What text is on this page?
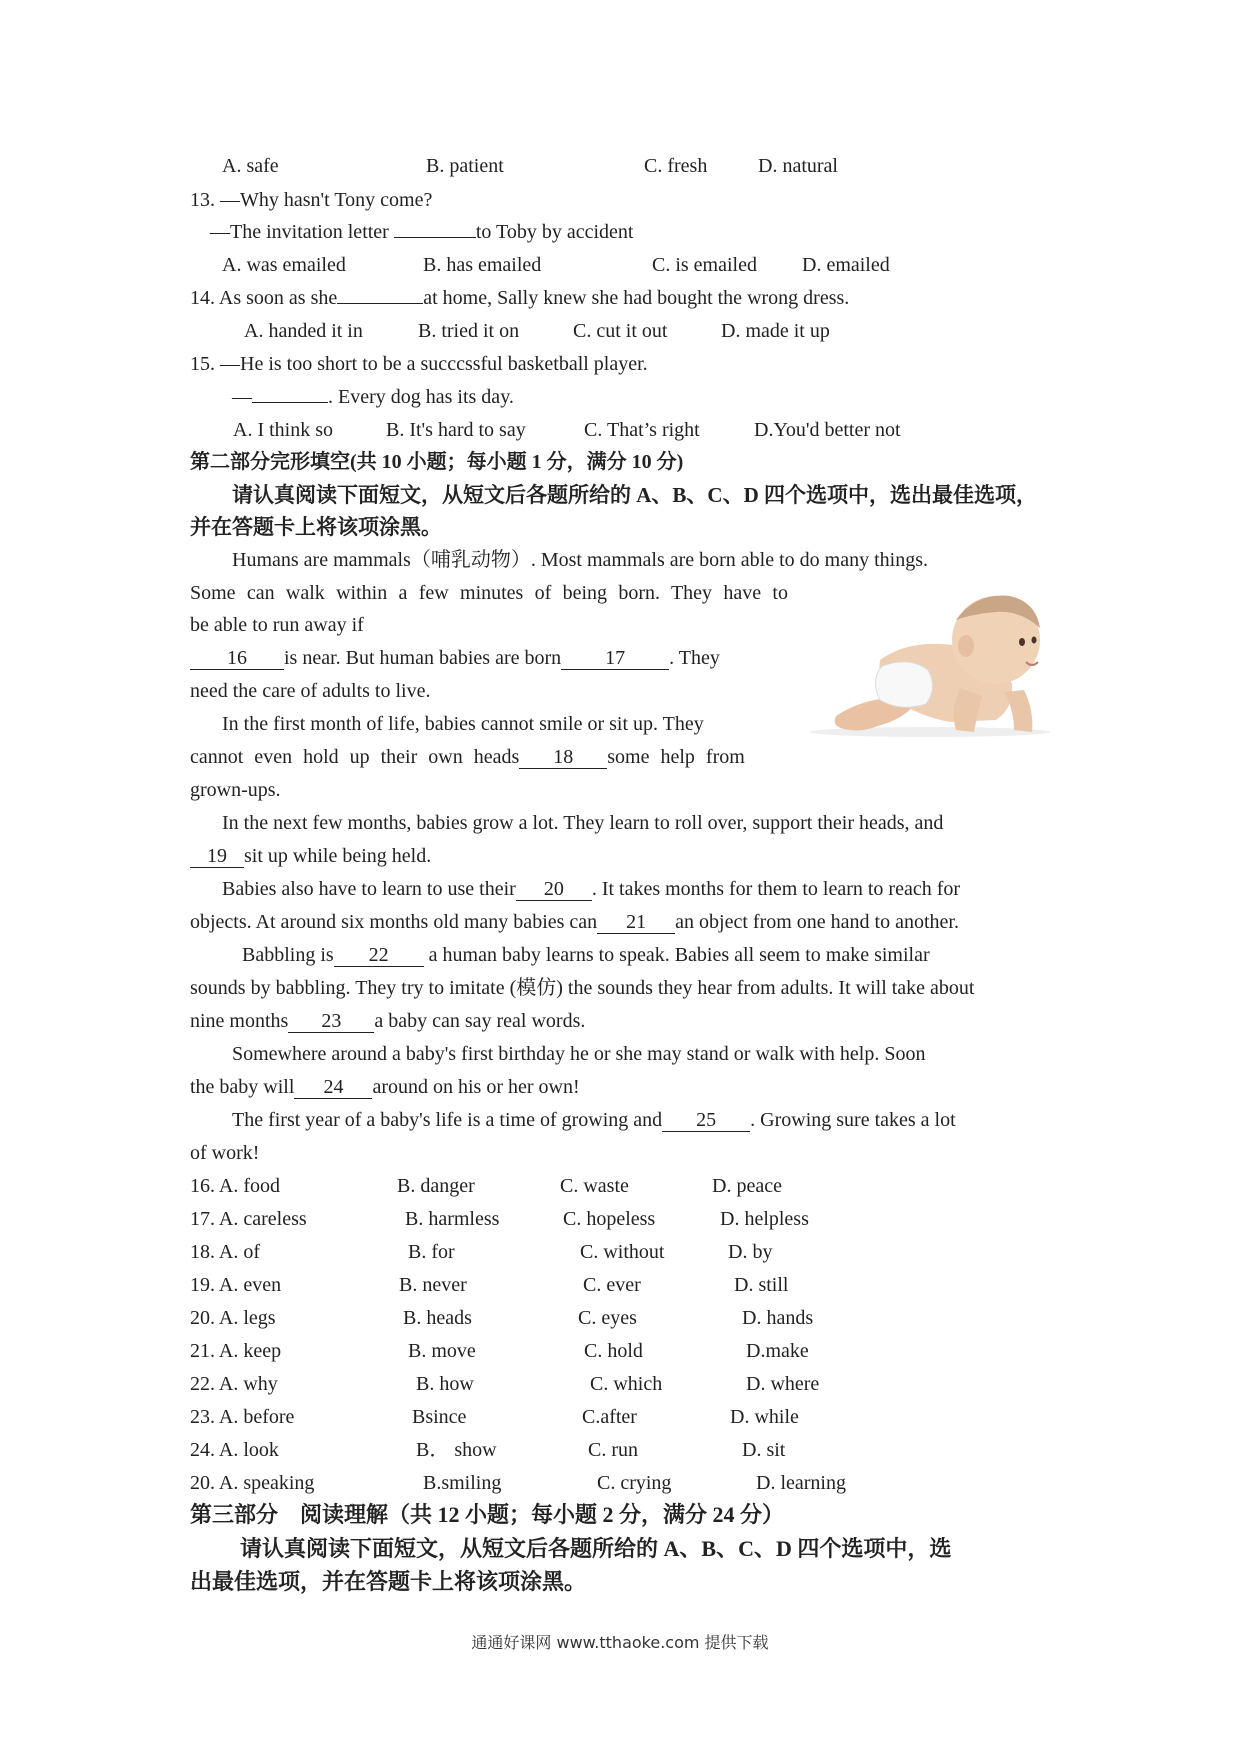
A. safe	B. patient	C. fresh	D. natural
13. —Why hasn't Tony come?
—The invitation letter	to Toby by accident
A. was emailed	B. has emailed	C. is emailed D. emailed
14. As soon as she	at home, Sally knew she had bought the wrong dress.
A. handed it in	B. tried it on	C. cut it out	D. made it up
15. —He is too short to be a succcssful basketball player.
—	. Every dog has its day.
A. I think so	B. It's hard to say	C. That’s right	D.You'd better not
第二部分完形填空(共 10 小题；每小题 1 分，满分 10 分)
请认真阅读下面短文，从短文后各题所给的 A、B、C、D 四个选项中，选出最佳选项，
并在答题卡上将该项涂黑。
Humans are mammals（哺乳动物）. Most mammals are born able to do many things.
Some can walk within a few minutes of being born. They have to
be able to run away if
16 is near. But human babies are born 17 . They
need the care of adults to live.
In the first month of life, babies cannot smile or sit up. They
cannot even hold up their own heads 18 some help from
grown-ups.
In the next few months, babies grow a lot. They learn to roll over, support their heads, and
19 sit up while being held.
Babies also have to learn to use their 20 . It takes months for them to learn to reach for
objects. At around six months old many babies can 21 an object from one hand to another.
Babbling is 22 a human baby learns to speak. Babies all seem to make similar
sounds by babbling. They try to imitate (模仿) the sounds they hear from adults. It will take about
nine months 23 a baby can say real words.
Somewhere around a baby's first birthday he or she may stand or walk with help. Soon
the baby will 24 around on his or her own!
The first year of a baby's life is a time of growing and 25 . Growing sure takes a lot
of work!
16. A. food	B. danger	C. waste	D. peace
17. A. careless	B. harmless	C. hopeless	D. helpless
18. A. of	B. for	C. without	D. by
19. A. even	B. never	C. ever	D. still
20. A. legs	B. heads	C. eyes	D. hands
21. A. keep	B. move	C. hold	D.make
22. A. why	B. how	C. which	D. where
23. A. before	Bsince	C.after	D. while
24. A. look	B． show	C. run	D. sit
20. A. speaking	B.smiling	C. crying	D. learning
第三部分　阅读理解（共 12 小题；每小题 2 分，满分 24 分）
请认真阅读下面短文，从短文后各题所给的 A、B、C、D 四个选项中，选
出最佳选项，并在答题卡上将该项涂黑。
通通好课网 www.tthaoke.com 提供下载
